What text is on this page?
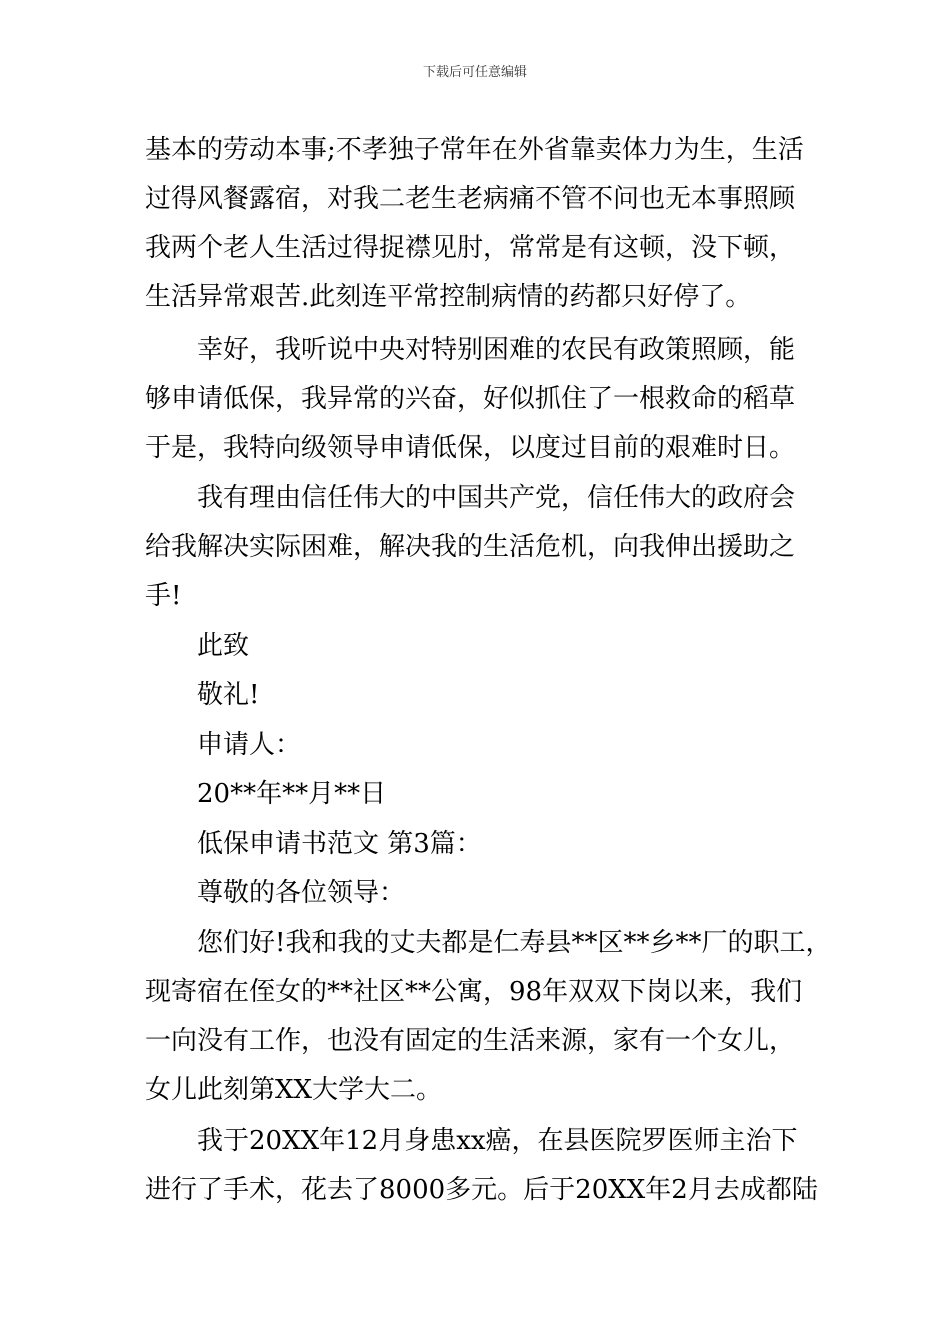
下载后可任意编辑
基本的劳动本事;不孝独子常年在外省靠卖体力为生，生活
过得风餐露宿，对我二老生老病痛不管不问也无本事照顾
我两个老人生活过得捉襟见肘，常常是有这顿，没下顿，
生活异常艰苦.此刻连平常控制病情的药都只好停了。
幸好，我听说中央对特别困难的农民有政策照顾，能
够申请低保，我异常的兴奋，好似抓住了一根救命的稻草
于是，我特向级领导申请低保，以度过目前的艰难时日。
我有理由信任伟大的中国共产党，信任伟大的政府会
给我解决实际困难，解决我的生活危机，向我伸出援助之
手!
此致
敬礼!
申请人：
20**年**月**日
低保申请书范文 第3篇：
尊敬的各位领导：
您们好!我和我的丈夫都是仁寿县**区**乡**厂的职工，
现寄宿在侄女的**社区**公寓，98年双双下岗以来，我们
一向没有工作，也没有固定的生活来源，家有一个女儿，
女儿此刻第XX大学大二。
我于20XX年12月身患xx癌，在县医院罗医师主治下
进行了手术，花去了8000多元。后于20XX年2月去成都陆
